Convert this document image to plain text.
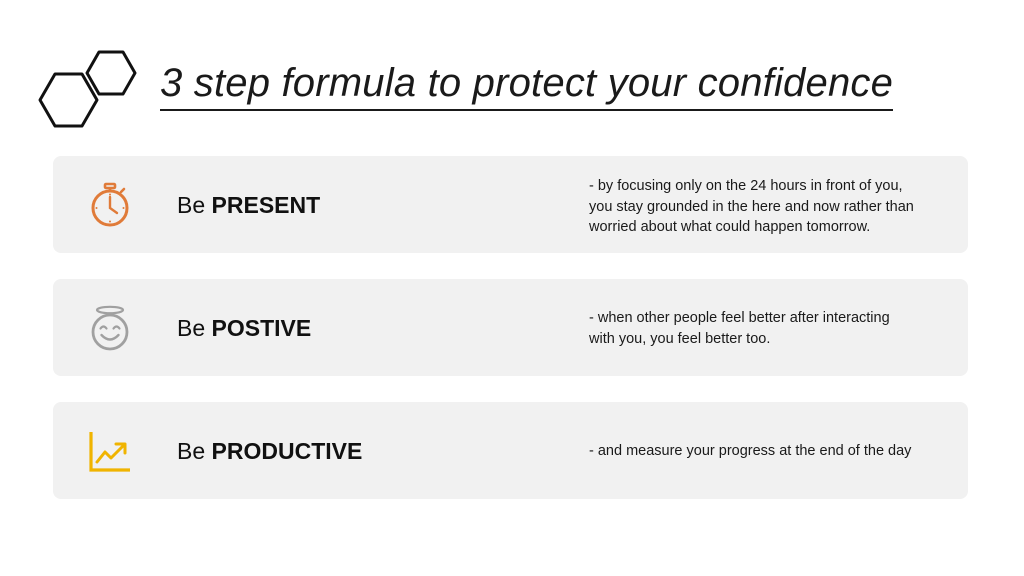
3 step formula to protect your confidence
Be PRESENT
- by focusing only on the 24 hours in front of you,
you stay grounded in the here and now rather than
worried about what could happen tomorrow.
Be POSTIVE	- when other people feel better after interacting
with you, you feel better too.
Be PRODUCTIVE	- and measure your progress at the end of the day
